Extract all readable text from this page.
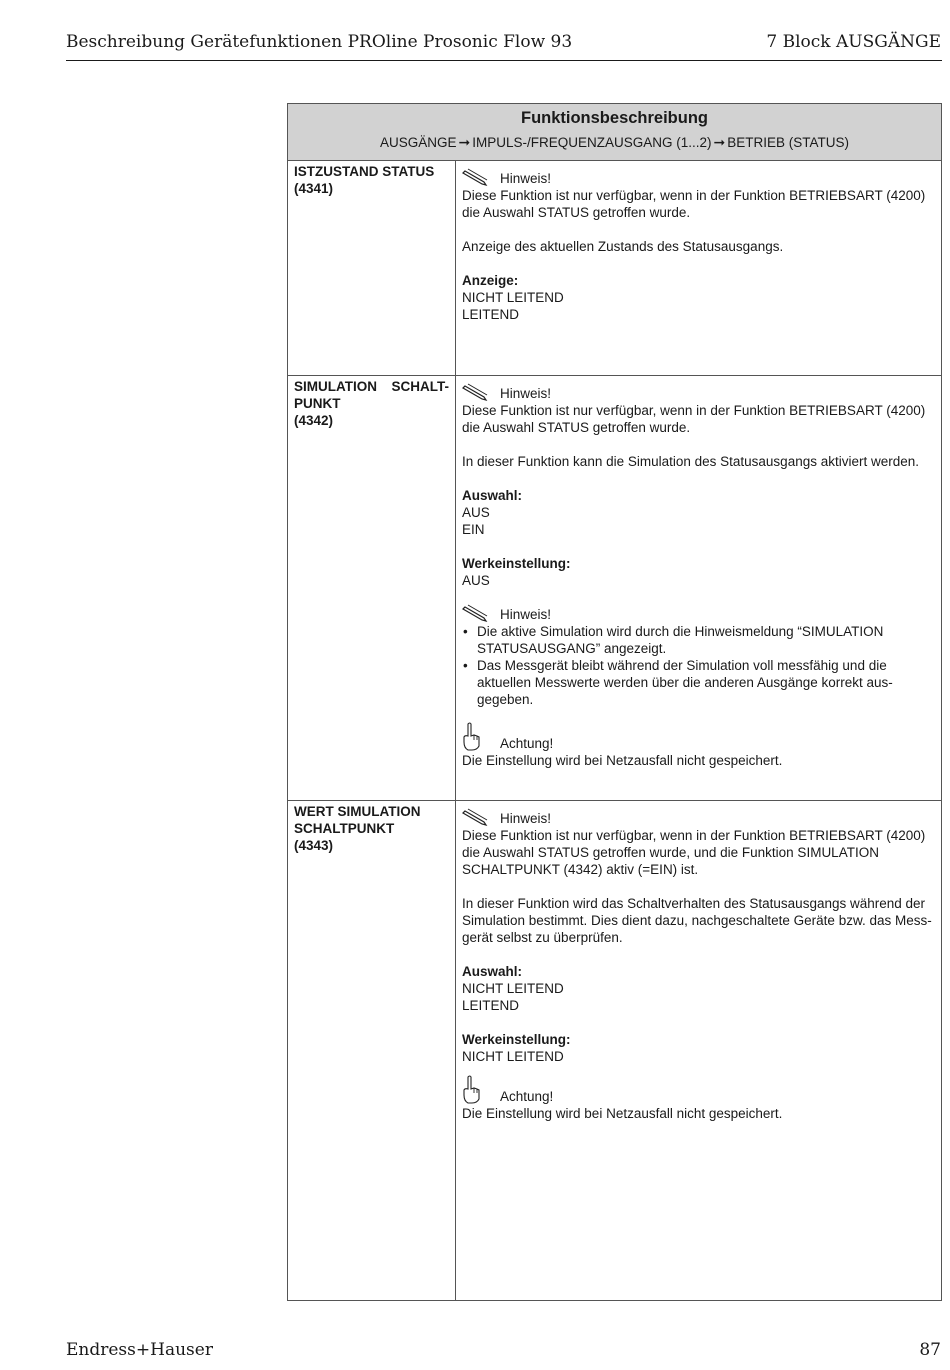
Beschreibung Gerätefunktionen PROline Prosonic Flow 93	7 Block AUSGÄNGE
Funktionsbeschreibung
AUSGÄNGE ➞ IMPULS-/FREQUENZAUSGANG (1...2) ➞ BETRIEB (STATUS)
ISTZUSTAND STATUS
(4341)
Hinweis!

Diese Funktion ist nur verfügbar, wenn in der Funktion BETRIEBSART (4200) die Auswahl STATUS getroffen wurde.

Anzeige des aktuellen Zustands des Statusausgangs.

Anzeige:

NICHT LEITEND

LEITEND

SIMULATION SCHALT-
PUNKT
(4342)
Hinweis!

Diese Funktion ist nur verfügbar, wenn in der Funktion BETRIEBSART (4200) die Auswahl STATUS getroffen wurde.

In dieser Funktion kann die Simulation des Statusausgangs aktiviert werden.

Auswahl:

AUS

EIN

Werkeinstellung:

AUS

Hinweis!
• Die aktive Simulation wird durch die Hinweismeldung “SIMULATION STATUSAUSGANG” angezeigt.
• Das Messgerät bleibt während der Simulation voll messfähig und die aktuellen Messwerte werden über die anderen Ausgänge korrekt aus-gegeben.
Achtung!

Die Einstellung wird bei Netzausfall nicht gespeichert.

WERT SIMULATION
SCHALTPUNKT
(4343)
Hinweis!

Diese Funktion ist nur verfügbar, wenn in der Funktion BETRIEBSART (4200) die Auswahl STATUS getroffen wurde, und die Funktion SIMULATION SCHALTPUNKT (4342) aktiv (=EIN) ist.

In dieser Funktion wird das Schaltverhalten des Statusausgangs während der Simulation bestimmt. Dies dient dazu, nachgeschaltete Geräte bzw. das Mess-gerät selbst zu überprüfen.

Auswahl:

NICHT LEITEND

LEITEND

Werkeinstellung:

NICHT LEITEND

Achtung!

Die Einstellung wird bei Netzausfall nicht gespeichert.

Endress+Hauser	87
